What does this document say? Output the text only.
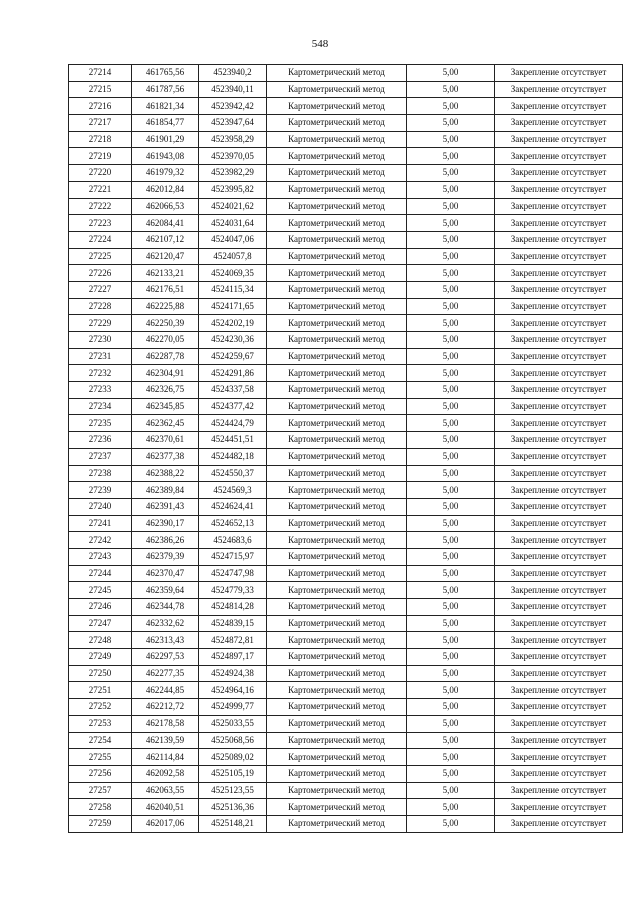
548
27214	461765,56	4523940,2	Картометрический метод	5,00	Закрепление отсутствует
27215	461787,56	4523940,11	Картометрический метод	5,00	Закрепление отсутствует
27216	461821,34	4523942,42	Картометрический метод	5,00	Закрепление отсутствует
27217	461854,77	4523947,64	Картометрический метод	5,00	Закрепление отсутствует
27218	461901,29	4523958,29	Картометрический метод	5,00	Закрепление отсутствует
27219	461943,08	4523970,05	Картометрический метод	5,00	Закрепление отсутствует
27220	461979,32	4523982,29	Картометрический метод	5,00	Закрепление отсутствует
27221	462012,84	4523995,82	Картометрический метод	5,00	Закрепление отсутствует
27222	462066,53	4524021,62	Картометрический метод	5,00	Закрепление отсутствует
27223	462084,41	4524031,64	Картометрический метод	5,00	Закрепление отсутствует
27224	462107,12	4524047,06	Картометрический метод	5,00	Закрепление отсутствует
27225	462120,47	4524057,8	Картометрический метод	5,00	Закрепление отсутствует
27226	462133,21	4524069,35	Картометрический метод	5,00	Закрепление отсутствует
27227	462176,51	4524115,34	Картометрический метод	5,00	Закрепление отсутствует
27228	462225,88	4524171,65	Картометрический метод	5,00	Закрепление отсутствует
27229	462250,39	4524202,19	Картометрический метод	5,00	Закрепление отсутствует
27230	462270,05	4524230,36	Картометрический метод	5,00	Закрепление отсутствует
27231	462287,78	4524259,67	Картометрический метод	5,00	Закрепление отсутствует
27232	462304,91	4524291,86	Картометрический метод	5,00	Закрепление отсутствует
27233	462326,75	4524337,58	Картометрический метод	5,00	Закрепление отсутствует
27234	462345,85	4524377,42	Картометрический метод	5,00	Закрепление отсутствует
27235	462362,45	4524424,79	Картометрический метод	5,00	Закрепление отсутствует
27236	462370,61	4524451,51	Картометрический метод	5,00	Закрепление отсутствует
27237	462377,38	4524482,18	Картометрический метод	5,00	Закрепление отсутствует
27238	462388,22	4524550,37	Картометрический метод	5,00	Закрепление отсутствует
27239	462389,84	4524569,3	Картометрический метод	5,00	Закрепление отсутствует
27240	462391,43	4524624,41	Картометрический метод	5,00	Закрепление отсутствует
27241	462390,17	4524652,13	Картометрический метод	5,00	Закрепление отсутствует
27242	462386,26	4524683,6	Картометрический метод	5,00	Закрепление отсутствует
27243	462379,39	4524715,97	Картометрический метод	5,00	Закрепление отсутствует
27244	462370,47	4524747,98	Картометрический метод	5,00	Закрепление отсутствует
27245	462359,64	4524779,33	Картометрический метод	5,00	Закрепление отсутствует
27246	462344,78	4524814,28	Картометрический метод	5,00	Закрепление отсутствует
27247	462332,62	4524839,15	Картометрический метод	5,00	Закрепление отсутствует
27248	462313,43	4524872,81	Картометрический метод	5,00	Закрепление отсутствует
27249	462297,53	4524897,17	Картометрический метод	5,00	Закрепление отсутствует
27250	462277,35	4524924,38	Картометрический метод	5,00	Закрепление отсутствует
27251	462244,85	4524964,16	Картометрический метод	5,00	Закрепление отсутствует
27252	462212,72	4524999,77	Картометрический метод	5,00	Закрепление отсутствует
27253	462178,58	4525033,55	Картометрический метод	5,00	Закрепление отсутствует
27254	462139,59	4525068,56	Картометрический метод	5,00	Закрепление отсутствует
27255	462114,84	4525089,02	Картометрический метод	5,00	Закрепление отсутствует
27256	462092,58	4525105,19	Картометрический метод	5,00	Закрепление отсутствует
27257	462063,55	4525123,55	Картометрический метод	5,00	Закрепление отсутствует
27258	462040,51	4525136,36	Картометрический метод	5,00	Закрепление отсутствует
27259	462017,06	4525148,21	Картометрический метод	5,00	Закрепление отсутствует
